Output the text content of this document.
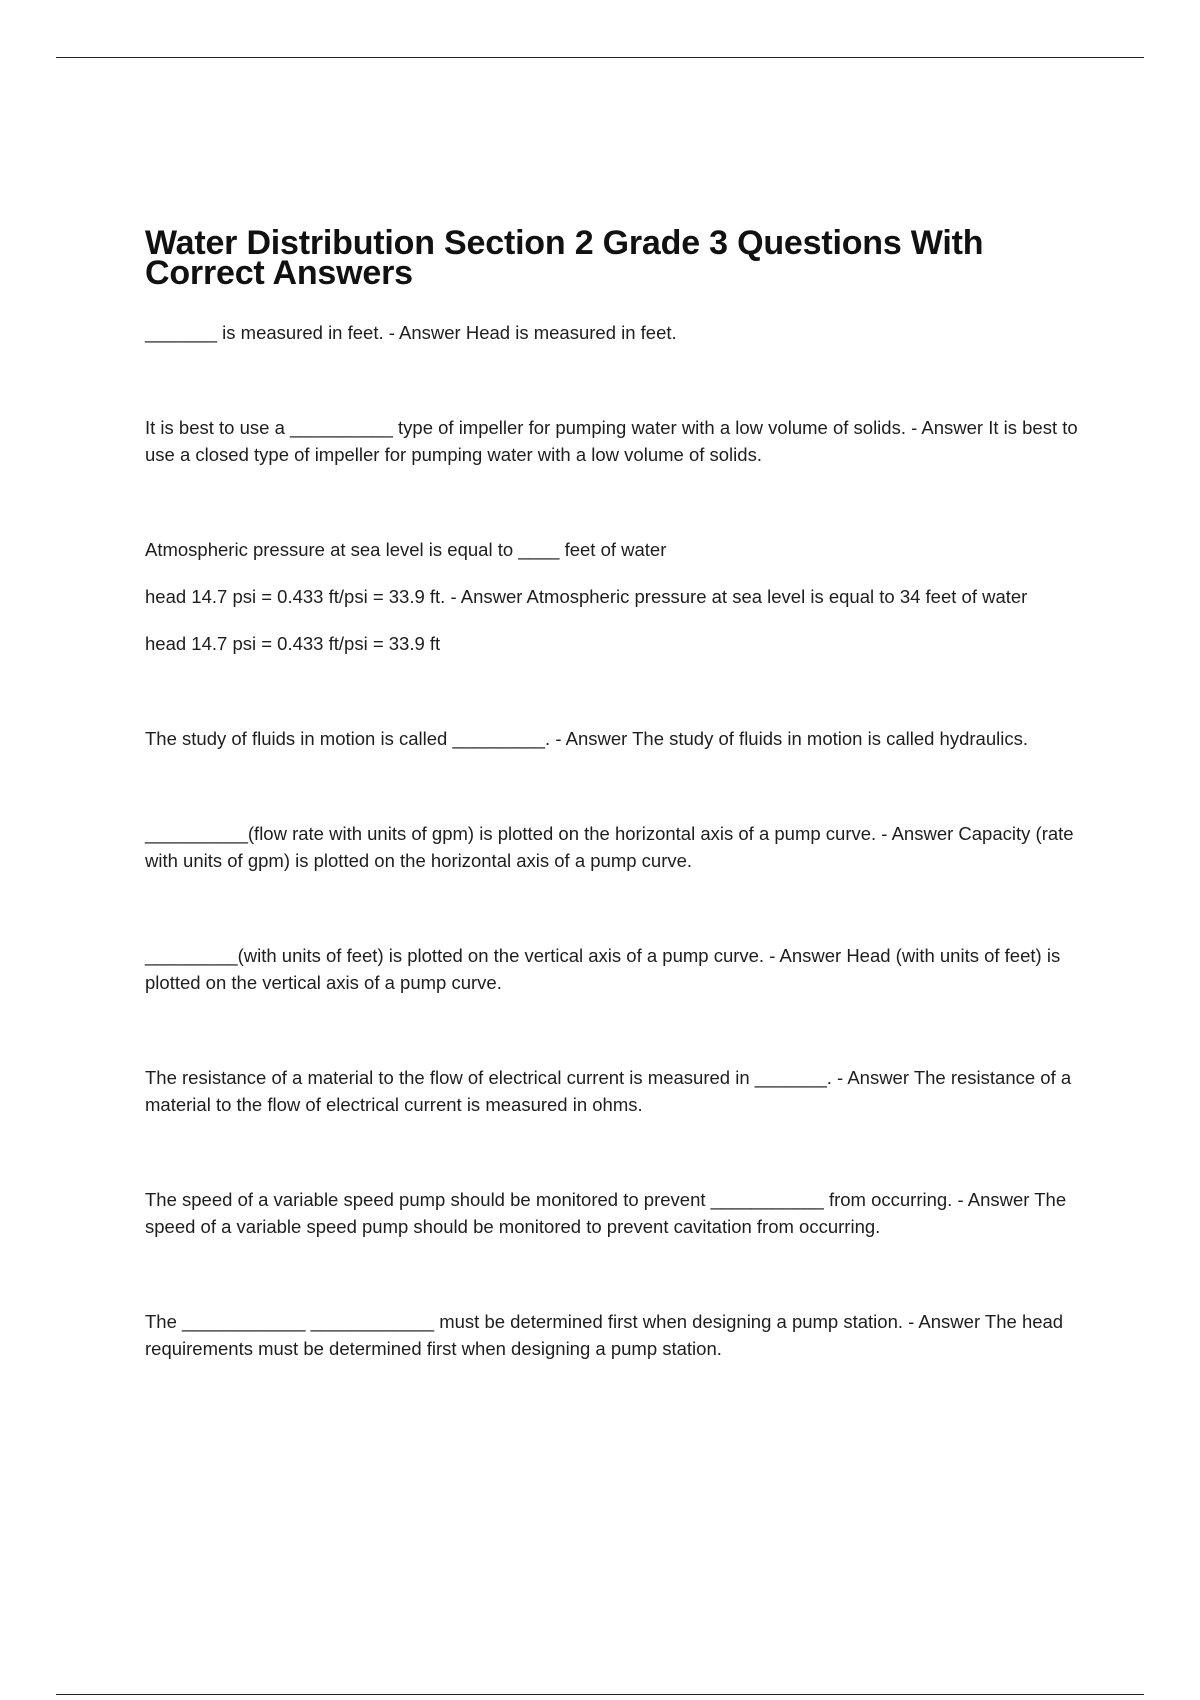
Water Distribution Section 2 Grade 3 Questions With Correct Answers

_______ is measured in feet. - Answer Head is measured in feet.

It is best to use a __________ type of impeller for pumping water with a low volume of solids. - Answer It is best to use a closed type of impeller for pumping water with a low volume of solids.

Atmospheric pressure at sea level is equal to ____ feet of water

head 14.7 psi = 0.433 ft/psi = 33.9 ft. - Answer Atmospheric pressure at sea level is equal to 34 feet of water

head 14.7 psi = 0.433 ft/psi = 33.9 ft

The study of fluids in motion is called _________. - Answer The study of fluids in motion is called hydraulics.

__________(flow rate with units of gpm) is plotted on the horizontal axis of a pump curve. - Answer Capacity (rate with units of gpm) is plotted on the horizontal axis of a pump curve.

_________(with units of feet) is plotted on the vertical axis of a pump curve. - Answer Head (with units of feet) is plotted on the vertical axis of a pump curve.

The resistance of a material to the flow of electrical current is measured in _______. - Answer The resistance of a material to the flow of electrical current is measured in ohms.

The speed of a variable speed pump should be monitored to prevent ___________ from occurring. - Answer The speed of a variable speed pump should be monitored to prevent cavitation from occurring.

The ____________ ____________ must be determined first when designing a pump station. - Answer The head requirements must be determined first when designing a pump station.
